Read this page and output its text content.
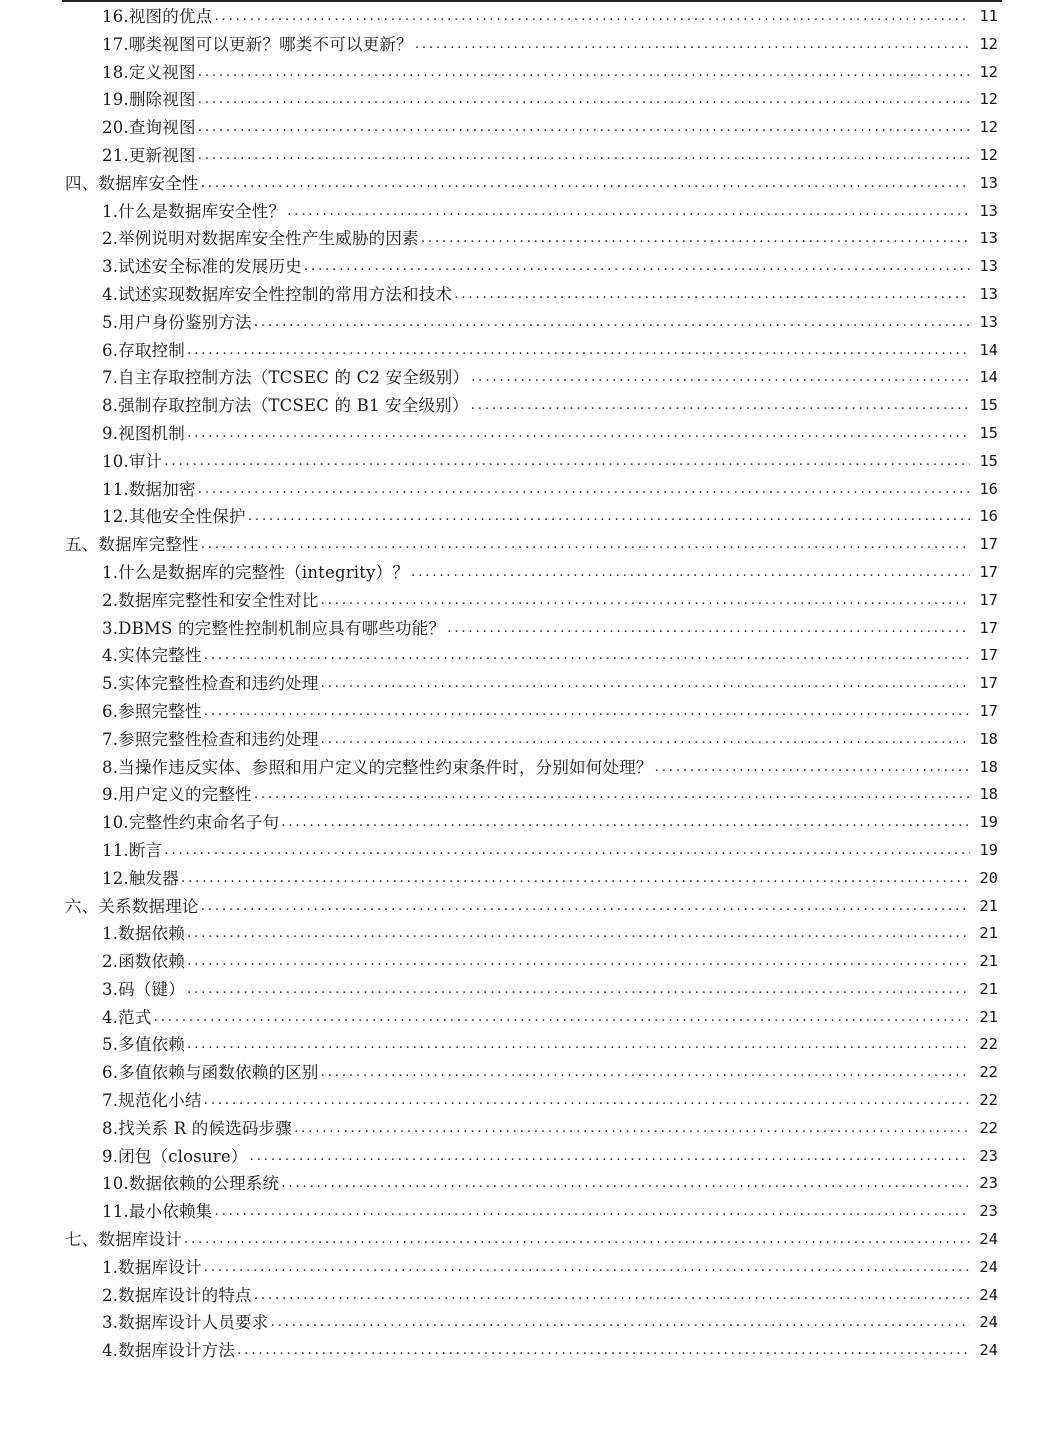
16.视图的优点 .....	11
17.哪类视图可以更新？哪类不可以更新？ .....	12
18.定义视图 .....	12
19.删除视图 .....	12
20.查询视图 .....	12
21.更新视图 .....	12
四、数据库安全性 .....	13
1.什么是数据库安全性？ .....	13
2.举例说明对数据库安全性产生威胁的因素 .....	13
3.试述安全标准的发展历史 .....	13
4.试述实现数据库安全性控制的常用方法和技术 .....	13
5.用户身份鉴别方法 .....	13
6.存取控制 .....	14
7.自主存取控制方法（TCSEC 的 C2 安全级别） .....	14
8.强制存取控制方法（TCSEC 的 B1 安全级别） .....	15
9.视图机制 .....	15
10.审计 .....	15
11.数据加密 .....	16
12.其他安全性保护 .....	16
五、数据库完整性 .....	17
1.什么是数据库的完整性（integrity）？ .....	17
2.数据库完整性和安全性对比 .....	17
3.DBMS 的完整性控制机制应具有哪些功能？ .....	17
4.实体完整性 .....	17
5.实体完整性检查和违约处理 .....	17
6.参照完整性 .....	17
7.参照完整性检查和违约处理 .....	18
8.当操作违反实体、参照和用户定义的完整性约束条件时，分别如何处理？ .....	18
9.用户定义的完整性 .....	18
10.完整性约束命名子句 .....	19
11.断言 .....	19
12.触发器 .....	20
六、关系数据理论 .....	21
1.数据依赖 .....	21
2.函数依赖 .....	21
3.码（键） .....	21
4.范式 .....	21
5.多值依赖 .....	22
6.多值依赖与函数依赖的区别 .....	22
7.规范化小结 .....	22
8.找关系 R 的候选码步骤 .....	22
9.闭包（closure） .....	23
10.数据依赖的公理系统 .....	23
11.最小依赖集 .....	23
七、数据库设计 .....	24
1.数据库设计 .....	24
2.数据库设计的特点 .....	24
3.数据库设计人员要求 .....	24
4.数据库设计方法 .....	24
